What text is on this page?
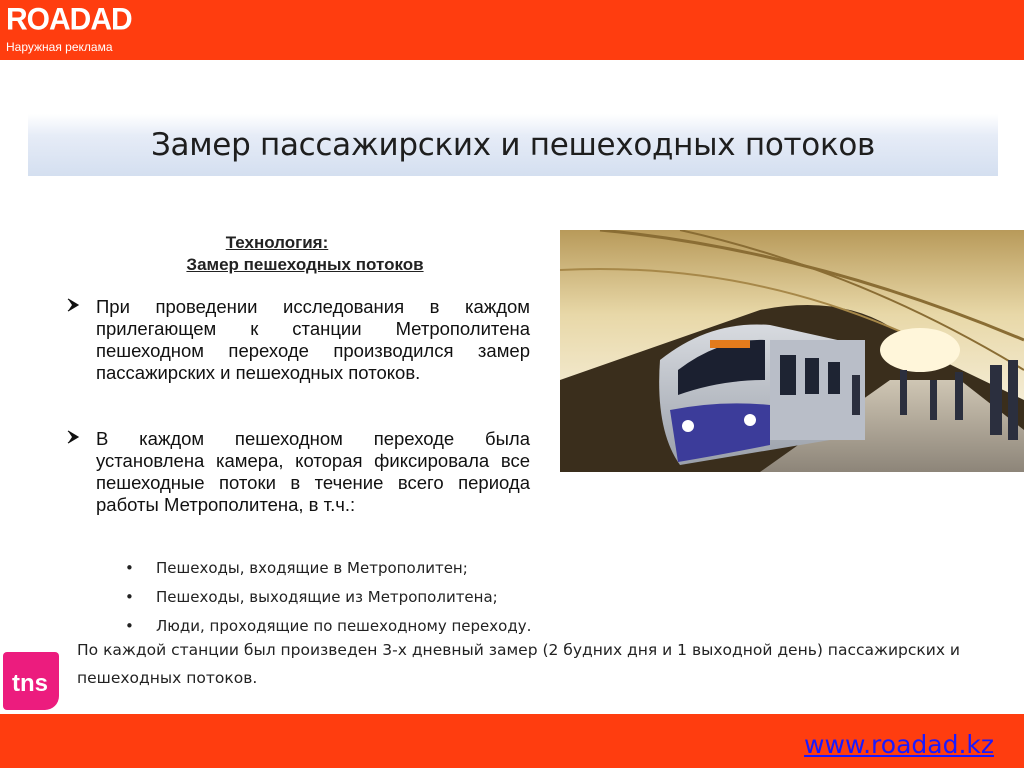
ROADAD
Наружная реклама
Замер пассажирских и пешеходных потоков
Технология:
Замер пешеходных потоков
При проведении исследования в каждом прилегающем к станции Метрополитена пешеходном переходе производился замер пассажирских и пешеходных потоков.
В каждом пешеходном переходе была установлена камера, которая фиксировала все пешеходные потоки в течение всего периода работы Метрополитена, в т.ч.:
• Пешеходы, входящие в Метрополитен;
• Пешеходы, выходящие из Метрополитена;
• Люди, проходящие по пешеходному переходу.
По каждой станции был произведен 3-х дневный замер (2 будних дня и 1 выходной день) пассажирских и пешеходных потоков.
tns
www.roadad.kz
